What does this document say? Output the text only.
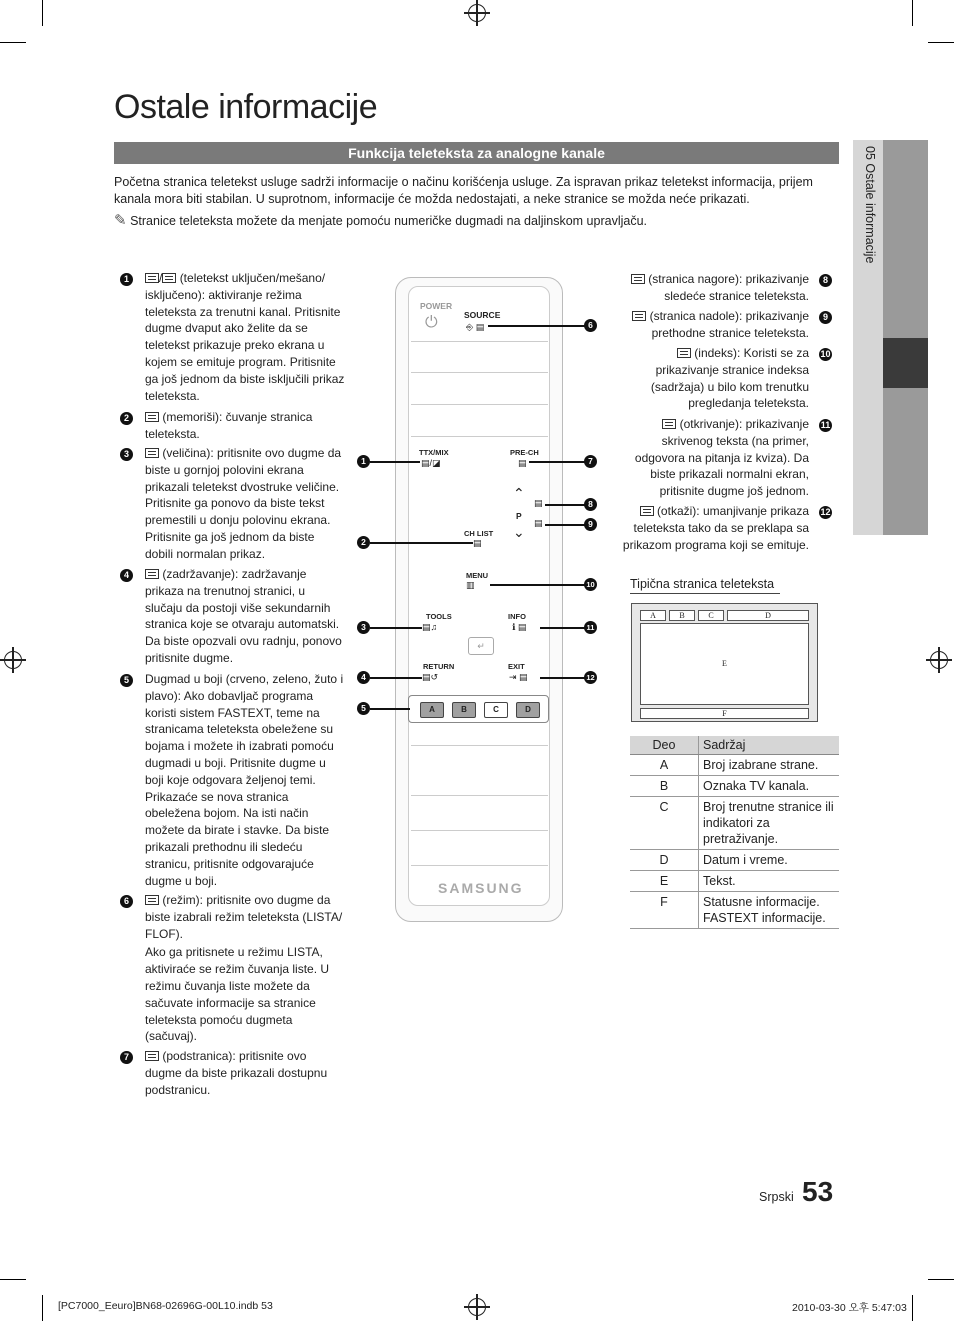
05 Ostale informacije
Ostale informacije
Funkcija teleteksta za analogne kanale
Početna stranica teletekst usluge sadrži informacije o načinu korišćenja usluge. Za ispravan prikaz teletekst informacija, prijem kanala mora biti stabilan. U suprotnom, informacije će možda nedostajati, a neke stranice se možda neće prikazati.
✎ Stranice teleteksta možete da menjate pomoću numeričke dugmadi na daljinskom upravljaču.
1	/ (teletekst uključen/mešano/ isključeno): aktiviranje režima teleteksta za trenutni kanal. Pritisnite dugme dvaput ako želite da se teletekst prikazuje preko ekrana u kojem se emituje program. Pritisnite ga još jednom da biste isključili prikaz teleteksta.
2	(memoriši): čuvanje stranica teleteksta.
3	(veličina): pritisnite ovo dugme da biste u gornjoj polovini ekrana prikazali teletekst dvostruke veličine. Pritisnite ga ponovo da biste tekst premestili u donju polovinu ekrana. Pritisnite ga još jednom da biste dobili normalan prikaz.
4	(zadržavanje): zadržavanje prikaza na trenutnoj stranici, u slučaju da postoji više sekundarnih stranica koje se otvaraju automatski. Da biste opozvali ovu radnju, ponovo pritisnite dugme.
5	Dugmad u boji (crveno, zeleno, žuto i plavo): Ako dobavljač programa koristi sistem FASTEXT, teme na stranicama teleteksta obeležene su bojama i možete ih izabrati pomoću dugmadi u boji. Pritisnite dugme u boji koje odgovara željenoj temi. Prikazaće se nova stranica obeležena bojom. Na isti način možete da birate i stavke. Da biste prikazali prethodnu ili sledeću stranicu, pritisnite odgovarajuće dugme u boji.
6	(režim): pritisnite ovo dugme da biste izabrali režim teleteksta (LISTA/ FLOF).
Ako ga pritisnete u režimu LISTA, aktiviraće se režim čuvanja liste. U režimu čuvanja liste možete da sačuvate informacije sa stranice teleteksta pomoću dugmeta (sačuvaj).
7	(podstranica): pritisnite ovo dugme da biste prikazali dostupnu podstranicu.
(stranica nagore): prikazivanje sledeće stranice teleteksta.
8
(stranica nadole): prikazivanje prethodne stranice teleteksta.
9
(indeks): Koristi se za prikazivanje stranice indeksa (sadržaja) u bilo kom trenutku pregledanja teleteksta.
10
(otkrivanje): prikazivanje skrivenog teksta (na primer, odgovora na pitanja iz kviza). Da biste prikazali normalni ekran, pritisnite dugme još jednom.
11
(otkaži): umanjivanje prikaza teleteksta tako da se preklapa sa prikazom programa koji se emituje.
12
POWER
⏻	SOURCE
⎆ ▤
TTX/MIX
▤/◪
PRE-CH
▤
⌃
P
⌄
▤
▤
CH LIST
▤
MENU
▥
TOOLS
▤♫
INFO
ℹ ▤
↵
RETURN
▤↺
EXIT
⇥ ▤
A	B	C	D
SAMSUNG
6
1	7
8
9
2
10
3	11
4	12
5
Tipična stranica teleteksta
A	B	C	D
E
F
Deo	Sadržaj
A	Broj izabrane strane.
B	Oznaka TV kanala.
C	Broj trenutne stranice ili indikatori za pretraživanje.
D	Datum i vreme.
E	Tekst.
F	Statusne informacije. FASTEXT informacije.
Srpski 53
[PC7000_Eeuro]BN68-02696G-00L10.indb 53	2010-03-30 오후 5:47:03
